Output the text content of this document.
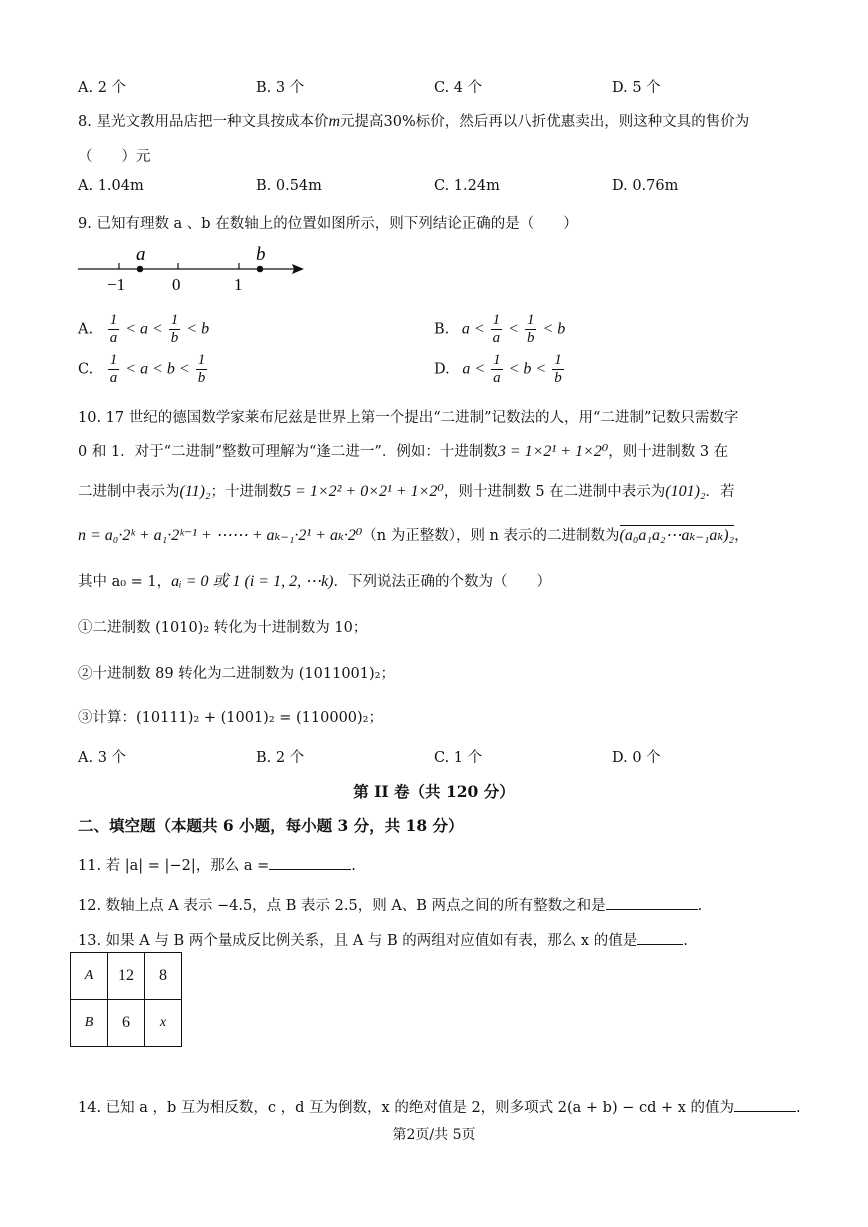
A. 2 个	B. 3 个	C. 4 个	D. 5 个
8. 星光文教用品店把一种文具按成本价m元提高30%标价，然后再以八折优惠卖出，则这种文具的售价为
（　　）元
A. 1.04m	B. 0.54m	C. 1.24m	D. 0.76m
9. 已知有理数 a 、b 在数轴上的位置如图所示，则下列结论正确的是（　　）
a	b
−1	0	1
A. $\frac{1}{a} < a < \frac{1}{b} < b$	B. $a < \frac{1}{a} < \frac{1}{b} < b$
C. $\frac{1}{a} < a < b < \frac{1}{b}$	D. $a < \frac{1}{a} < b < \frac{1}{b}$
10. 17 世纪的德国数学家莱布尼兹是世界上第一个提出“二进制”记数法的人，用“二进制”记数只需数字
0 和 1．对于“二进制”整数可理解为“逢二进一”．例如：十进制数3 = 1×2¹ + 1×2⁰，则十进制数 3 在
二进制中表示为(11)₂；十进制数5 = 1×2² + 0×2¹ + 1×2⁰，则十进制数 5 在二进制中表示为(101)₂．若
n = a₀·2ᵏ + a₁·2ᵏ⁻¹ + ⋯⋯ + aₖ₋₁·2¹ + aₖ·2⁰（n 为正整数），则 n 表示的二进制数为(a₀a₁a₂⋯aₖ₋₁aₖ)₂，
其中 a₀ = 1，aᵢ = 0 或 1 (i = 1, 2, ⋯k)．下列说法正确的个数为（　　）
①二进制数 (1010)₂ 转化为十进制数为 10；
②十进制数 89 转化为二进制数为 (1011001)₂；
③计算：(10111)₂ + (1001)₂ = (110000)₂；
A. 3 个	B. 2 个	C. 1 个	D. 0 个
第 II 卷（共 120 分）
二、填空题（本题共 6 小题，每小题 3 分，共 18 分）
11. 若 |a| = |−2|，那么 a =	.
12. 数轴上点 A 表示 −4.5，点 B 表示 2.5，则 A、B 两点之间的所有整数之和是	.
13. 如果 A 与 B 两个量成反比例关系，且 A 与 B 的两组对应值如有表，那么 x 的值是	.
A	12	8
B	6	x
14. 已知 a ，b 互为相反数，c ，d 互为倒数，x 的绝对值是 2，则多项式 2(a + b) − cd + x 的值为	.
第2页/共 5页
